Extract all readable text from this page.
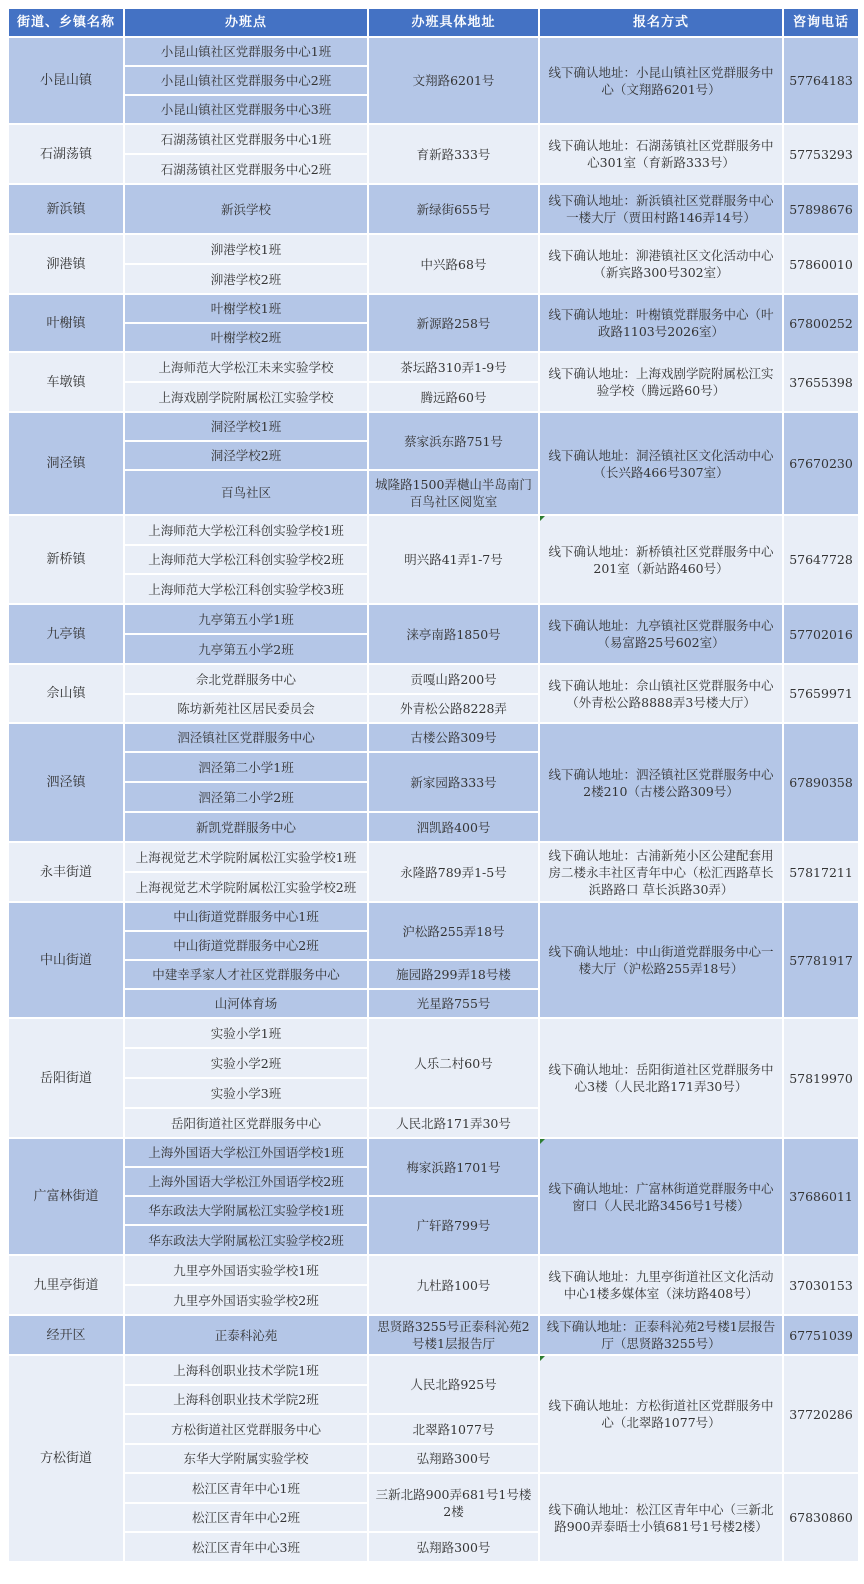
街道、乡镇名称	办班点	办班具体地址	报名方式	咨询电话
小昆山镇	小昆山镇社区党群服务中心1班	文翔路6201号	线下确认地址：小昆山镇社区党群服务中心（文翔路6201号）	57764183
	小昆山镇社区党群服务中心2班			
	小昆山镇社区党群服务中心3班			
石湖荡镇	石湖荡镇社区党群服务中心1班	育新路333号	线下确认地址：石湖荡镇社区党群服务中心301室（育新路333号）	57753293
	石湖荡镇社区党群服务中心2班			
新浜镇	新浜学校	新绿街655号	线下确认地址：新浜镇社区党群服务中心一楼大厅（贾田村路146弄14号）	57898676
泖港镇	泖港学校1班	中兴路68号	线下确认地址：泖港镇社区文化活动中心（新宾路300号302室）	57860010
	泖港学校2班			
叶榭镇	叶榭学校1班	新源路258号	线下确认地址：叶榭镇党群服务中心（叶政路1103号2026室）	67800252
	叶榭学校2班			
车墩镇	上海师范大学松江未来实验学校	茶坛路310弄1-9号	线下确认地址：上海戏剧学院附属松江实验学校（腾远路60号）	37655398
	上海戏剧学院附属松江实验学校	腾远路60号		
洞泾镇	洞泾学校1班	蔡家浜东路751号	线下确认地址：洞泾镇社区文化活动中心（长兴路466号307室）	67670230
	洞泾学校2班			
	百鸟社区	城隆路1500弄樾山半岛南门百鸟社区阅览室		
新桥镇	上海师范大学松江科创实验学校1班	明兴路41弄1-7号	线下确认地址：新桥镇社区党群服务中心201室（新站路460号）	57647728
	上海师范大学松江科创实验学校2班			
	上海师范大学松江科创实验学校3班			
九亭镇	九亭第五小学1班	涞亭南路1850号	线下确认地址：九亭镇社区党群服务中心（易富路25号602室）	57702016
	九亭第五小学2班			
佘山镇	佘北党群服务中心	贡嘎山路200号	线下确认地址：佘山镇社区党群服务中心（外青松公路8888弄3号楼大厅）	57659971
	陈坊新苑社区居民委员会	外青松公路8228弄		
泗泾镇	泗泾镇社区党群服务中心	古楼公路309号	线下确认地址：泗泾镇社区党群服务中心2楼210（古楼公路309号）	67890358
	泗泾第二小学1班	新家园路333号		
	泗泾第二小学2班			
	新凯党群服务中心	泗凯路400号		
永丰街道	上海视觉艺术学院附属松江实验学校1班	永隆路789弄1-5号	线下确认地址：古浦新苑小区公建配套用房二楼永丰社区青年中心（松汇西路草长浜路路口 草长浜路30弄）	57817211
	上海视觉艺术学院附属松江实验学校2班			
中山街道	中山街道党群服务中心1班	沪松路255弄18号	线下确认地址：中山街道党群服务中心一楼大厅（沪松路255弄18号）	57781917
	中山街道党群服务中心2班			
	中建幸孚家人才社区党群服务中心	施园路299弄18号楼		
	山河体育场	光星路755号		
岳阳街道	实验小学1班	人乐二村60号	线下确认地址：岳阳街道社区党群服务中心3楼（人民北路171弄30号）	57819970
	实验小学2班			
	实验小学3班			
	岳阳街道社区党群服务中心	人民北路171弄30号		
广富林街道	上海外国语大学松江外国语学校1班	梅家浜路1701号	线下确认地址：广富林街道党群服务中心窗口（人民北路3456号1号楼）	37686011
	上海外国语大学松江外国语学校2班			
	华东政法大学附属松江实验学校1班	广轩路799号		
	华东政法大学附属松江实验学校2班			
九里亭街道	九里亭外国语实验学校1班	九杜路100号	线下确认地址：九里亭街道社区文化活动中心1楼多媒体室（涞坊路408号）	37030153
	九里亭外国语实验学校2班			
经开区	正泰科沁苑	思贤路3255号正泰科沁苑2号楼1层报告厅	线下确认地址：正泰科沁苑2号楼1层报告厅（思贤路3255号）	67751039
方松街道	上海科创职业技术学院1班	人民北路925号	线下确认地址：方松街道社区党群服务中心（北翠路1077号）	37720286
	上海科创职业技术学院2班			
	方松街道社区党群服务中心	北翠路1077号		
	东华大学附属实验学校	弘翔路300号		
	松江区青年中心1班	三新北路900弄681号1号楼2楼	线下确认地址：松江区青年中心（三新北路900弄泰晤士小镇681号1号楼2楼）	67830860
	松江区青年中心2班			
	松江区青年中心3班	弘翔路300号		
